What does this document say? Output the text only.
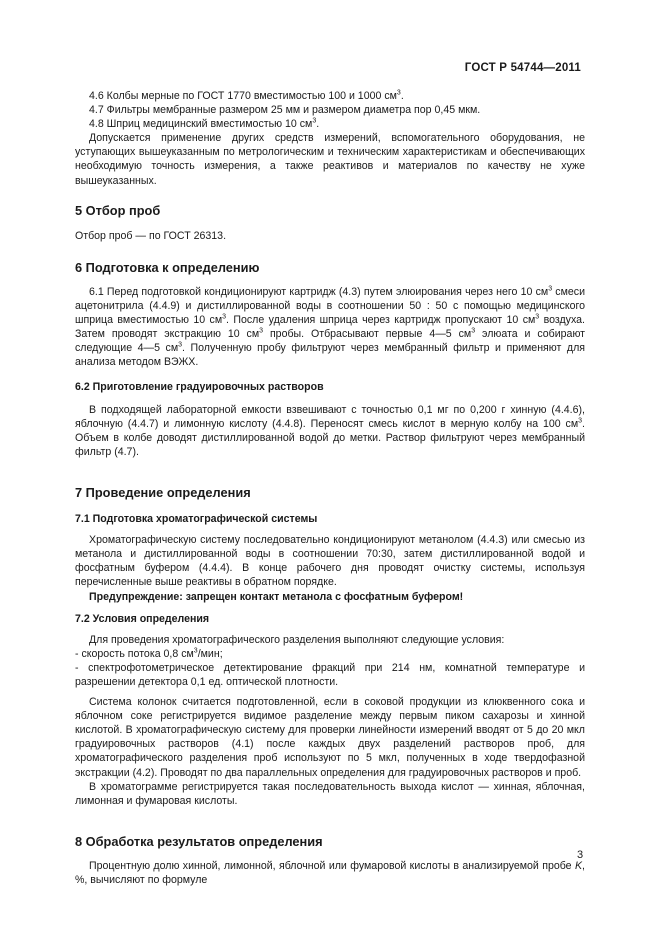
ГОСТ Р 54744—2011

4.6 Колбы мерные по ГОСТ 1770 вместимостью 100 и 1000 $см^3$.

4.7 Фильтры мембранные размером 25 мм и размером диаметра пор 0,45 мкм.

4.8 Шприц медицинский вместимостью 10 $см^3$.

Допускается применение других средств измерений, вспомогательного оборудования, не уступающих вышеуказанным по метрологическим и техническим характеристикам и обеспечивающих необходимую точность измерения, а также реактивов и материалов по качеству не хуже вышеуказанных.

5 Отбор проб

Отбор проб — по ГОСТ 26313.

6 Подготовка к определению

6.1 Перед подготовкой кондиционируют картридж (4.3) путем элюирования через него 10 $см^3$ смеси ацетонитрила (4.4.9) и дистиллированной воды в соотношении 50 : 50 с помощью медицинского шприца вместимостью 10 $см^3$. После удаления шприца через картридж пропускают 10 $см^3$ воздуха. Затем проводят экстракцию 10 $см^3$ пробы. Отбрасывают первые 4—5 $см^3$ элюата и собирают следующие 4—5 $см^3$. Полученную пробу фильтруют через мембранный фильтр и применяют для анализа методом ВЭЖХ.

6.2 Приготовление градуировочных растворов

В подходящей лабораторной емкости взвешивают с точностью 0,1 мг по 0,200 г хинную (4.4.6), яблочную (4.4.7) и лимонную кислоту (4.4.8). Переносят смесь кислот в мерную колбу на 100 $см^3$. Объем в колбе доводят дистиллированной водой до метки. Раствор фильтруют через мембранный фильтр (4.7).

7 Проведение определения

7.1 Подготовка хроматографической системы

Хроматографическую систему последовательно кондиционируют метанолом (4.4.3) или смесью из метанола и дистиллированной воды в соотношении 70:30, затем дистиллированной водой и фосфатным буфером (4.4.4). В конце рабочего дня проводят очистку системы, используя перечисленные выше реактивы в обратном порядке.

Предупреждение: запрещен контакт метанола с фосфатным буфером!

7.2 Условия определения

Для проведения хроматографического разделения выполняют следующие условия:

- скорость потока 0,8 $см^3$/мин;

- спектрофотометрическое детектирование фракций при 214 нм, комнатной температуре и разрешении детектора 0,1 ед. оптической плотности.

Система колонок считается подготовленной, если в соковой продукции из клюквенного сока и яблочном соке регистрируется видимое разделение между первым пиком сахарозы и хинной кислотой. В хроматографическую систему для проверки линейности измерений вводят от 5 до 20 мкл градуировочных растворов (4.1) после каждых двух разделений растворов проб, для хроматографического разделения проб используют по 5 мкл, полученных в ходе твердофазной экстракции (4.2). Проводят по два параллельных определения для градуировочных растворов и проб.

В хроматограмме регистрируется такая последовательность выхода кислот — хинная, яблочная, лимонная и фумаровая кислоты.

8 Обработка результатов определения

Процентную долю хинной, лимонной, яблочной или фумаровой кислоты в анализируемой пробе K, %, вычисляют по формуле

3
